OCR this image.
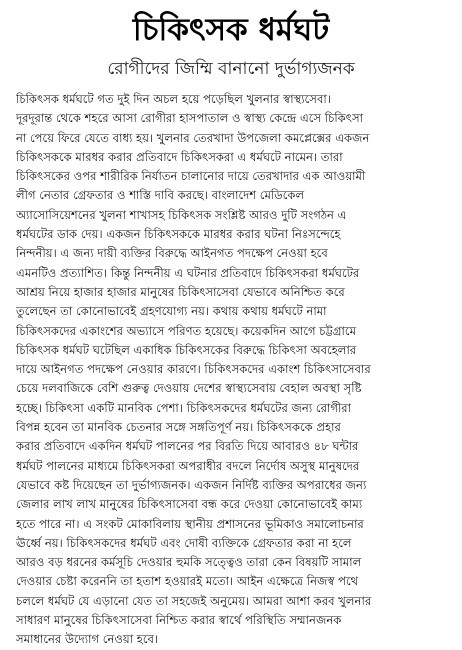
চিকিৎসক ধর্মঘট
রোগীদের জিম্মি বানানো দুর্ভাগ্যজনক
চিকিৎসক ধর্মঘটে গত দুই দিন অচল হয়ে পড়েছিল খুলনার স্বাস্থ্যসেবা।
দূরদূরান্ত থেকে শহরে আসা রোগীরা হাসপাতাল ও স্বাস্থ্য কেন্দ্রে এসে চিকিৎসা
না পেয়ে ফিরে যেতে বাধ্য হয়। খুলনার তেরখাদা উপজেলা কমপ্লেক্সের একজন
চিকিৎসককে মারধর করার প্রতিবাদে চিকিৎসকরা এ ধর্মঘটে নামেন। তারা
চিকিৎসকের ওপর শারীরিক নির্যাতন চালানোর দায়ে তেরখাদার এক আওয়ামী
লীগ নেতার গ্রেফতার ও শাস্তি দাবি করছে। বাংলাদেশ মেডিকেল
অ্যাসোসিয়েশনের খুলনা শাখাসহ চিকিৎসক সংশ্লিষ্ট আরও দুটি সংগঠন এ
ধর্মঘটের ডাক দেয়। একজন চিকিৎসককে মারধর করার ঘটনা নিঃসন্দেহে
নিন্দনীয়। এ জন্য দায়ী ব্যক্তির বিরুদ্ধে আইনগত পদক্ষেপ নেওয়া হবে
এমনটিও প্রত্যাশিত। কিন্তু নিন্দনীয় এ ঘটনার প্রতিবাদে চিকিৎসকরা ধর্মঘটের
আশ্রয় নিয়ে হাজার হাজার মানুষের চিকিৎসাসেবা যেভাবে অনিশ্চিত করে
তুলেছেন তা কোনোভাবেই গ্রহণযোগ্য নয়। কথায় কথায় ধর্মঘটে নামা
চিকিৎসকদের একাংশের অভ্যাসে পরিণত হয়েছে। কয়েকদিন আগে চট্টগ্রামে
চিকিৎসক ধর্মঘট ঘটেছিল একাধিক চিকিৎসকের বিরুদ্ধে চিকিৎসা অবহেলার
দায়ে আইনগত পদক্ষেপ নেওয়ার কারণে। চিকিৎসকদের একাংশ চিকিৎসাসেবার
চেয়ে দলবাজিকে বেশি গুরুত্ব দেওয়ায় দেশের স্বাস্থ্যসেবায় বেহাল অবস্থা সৃষ্টি
হচ্ছে। চিকিৎসা একটি মানবিক পেশা। চিকিৎসকদের ধর্মঘটের জন্য রোগীরা
বিপন্ন হবেন তা মানবিক চেতনার সঙ্গে সঙ্গতিপূর্ণ নয়। চিকিৎসককে প্রহার
করার প্রতিবাদে একদিন ধর্মঘট পালনের পর বিরতি দিয়ে আবারও ৪৮ ঘন্টার
ধর্মঘট পালনের মাধ্যমে চিকিৎসকরা অপরাধীর বদলে নির্দোষ অসুস্থ মানুষদের
যেভাবে কষ্ট দিয়েছেন তা দুর্ভাগ্যজনক। একজন নির্দিষ্ট ব্যক্তির অপরাধের জন্য
জেলার লাখ লাখ মানুষের চিকিৎসাসেবা বন্ধ করে দেওয়া কোনোভাবেই কাম্য
হতে পারে না। এ সংকট মোকাবিলায় স্থানীয় প্রশাসনের ভূমিকাও সমালোচনার
ঊর্ধ্বে নয়। চিকিৎসকদের ধর্মঘট এবং দোষী ব্যক্তিকে গ্রেফতার করা না হলে
আরও বড় ধরনের কর্মসূচি দেওয়ার হুমকি সত্ত্বেও তারা কেন বিষয়টি সামাল
দেওয়ার চেষ্টা করেননি তা হতাশ হওয়ারই মতো। আইন এক্ষেত্রে নিজস্ব পথে
চললে ধর্মঘট যে এড়ানো যেত তা সহজেই অনুমেয়। আমরা আশা করব খুলনার
সাধারণ মানুষের চিকিৎসাসেবা নিশ্চিত করার স্বার্থে পরিস্থিতি সম্মানজনক
সমাধানের উদ্যোগ নেওয়া হবে।
